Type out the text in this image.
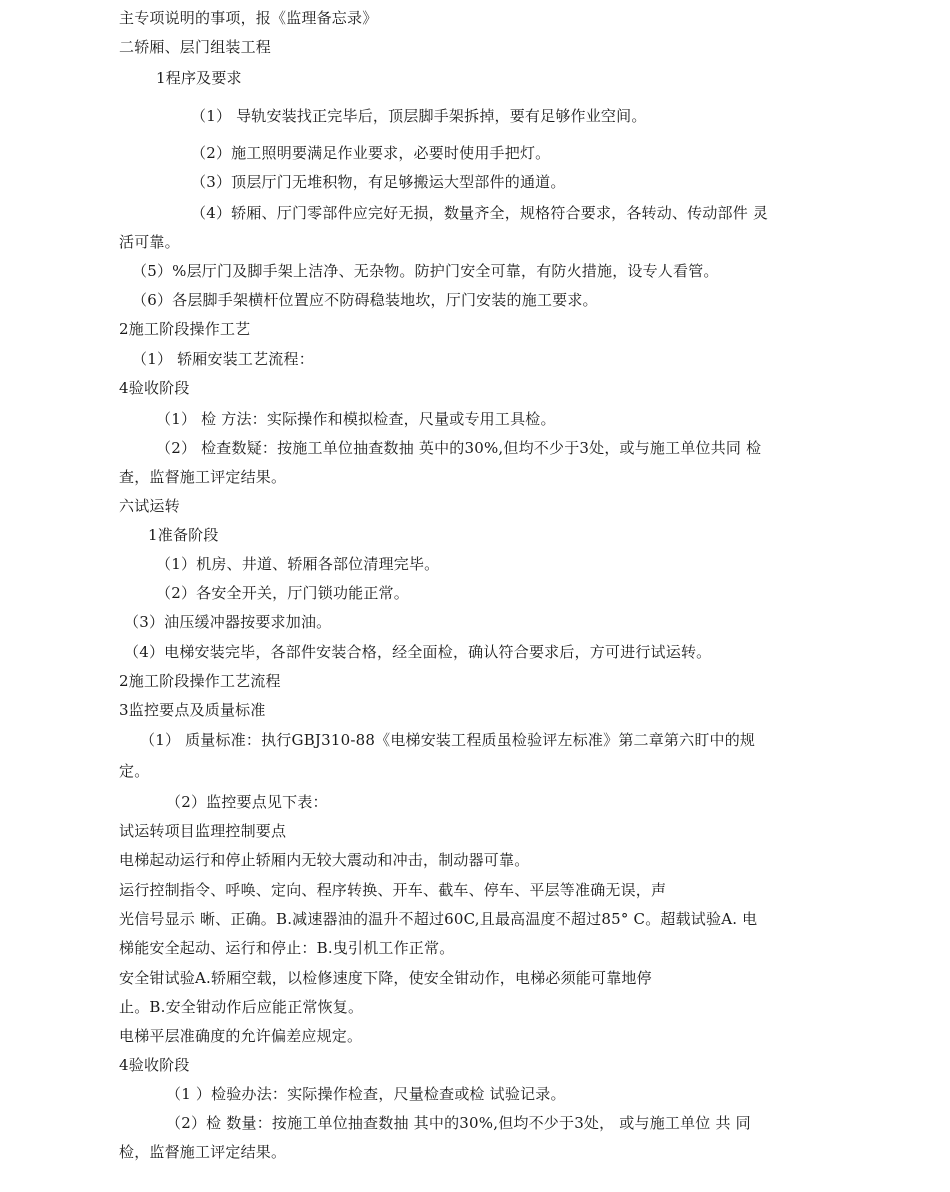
主专项说明的事项，报《监理备忘录》

二轿厢、层门组装工程

1程序及要求

（1） 导轨安装找正完毕后，顶层脚手架拆掉，要有足够作业空间。

（2）施工照明要满足作业要求，必要时使用手把灯。

（3）顶层厅门无堆积物，有足够搬运大型部件的通道。

（4）轿厢、厅门零部件应完好无损，数量齐全，规格符合要求，各转动、传动部件 灵

活可靠。

（5）%层厅门及脚手架上洁净、无杂物。防护门安全可靠，有防火措施，设专人看管。

（6）各层脚手架横杆位置应不防碍稳装地坎，厅门安装的施工要求。

2施工阶段操作工艺

（1） 轿厢安装工艺流程：

4验收阶段

（1） 检 方法：实际操作和模拟检查，尺量或专用工具检。

（2） 检查数疑：按施工单位抽查数抽 英中的30%,但均不少于3处，或与施工单位共同 检

查，监督施工评定结果。

六试运转

1准备阶段

（1）机房、井道、轿厢各部位清理完毕。

（2）各安全开关，厅门锁功能正常。

（3）油压缓冲器按要求加油。

（4）电梯安装完毕，各部件安装合格，经全面检，确认符合要求后，方可进行试运转。

2施工阶段操作工艺流程

3监控要点及质量标准

（1） 质量标准：执行GBJ310-88《电梯安装工程质虽检验评左标准》第二章第六盯中的规

定。

（2）监控要点见下表：

试运转项目监理控制要点

电梯起动运行和停止轿厢内无较大震动和冲击，制动器可靠。

运行控制指令、呼唤、定向、程序转换、开车、截车、停车、平层等准确无误，声

光信号显示 晰、正确。B.减速器油的温升不超过60C,且最高温度不超过85° C。超载试验A. 电

梯能安全起动、运行和停止：B.曳引机工作正常。

安全钳试验A.轿厢空载，以检修速度下降，使安全钳动作，电梯必须能可靠地停

止。B.安全钳动作后应能正常恢复。

电梯平层准确度的允许偏差应规定。

4验收阶段

（1 ）检验办法：实际操作检查，尺量检查或检 试验记录。

（2）检 数量：按施工单位抽查数抽 其中的30%,但均不少于3处， 或与施工单位 共 同

检，监督施工评定结果。
